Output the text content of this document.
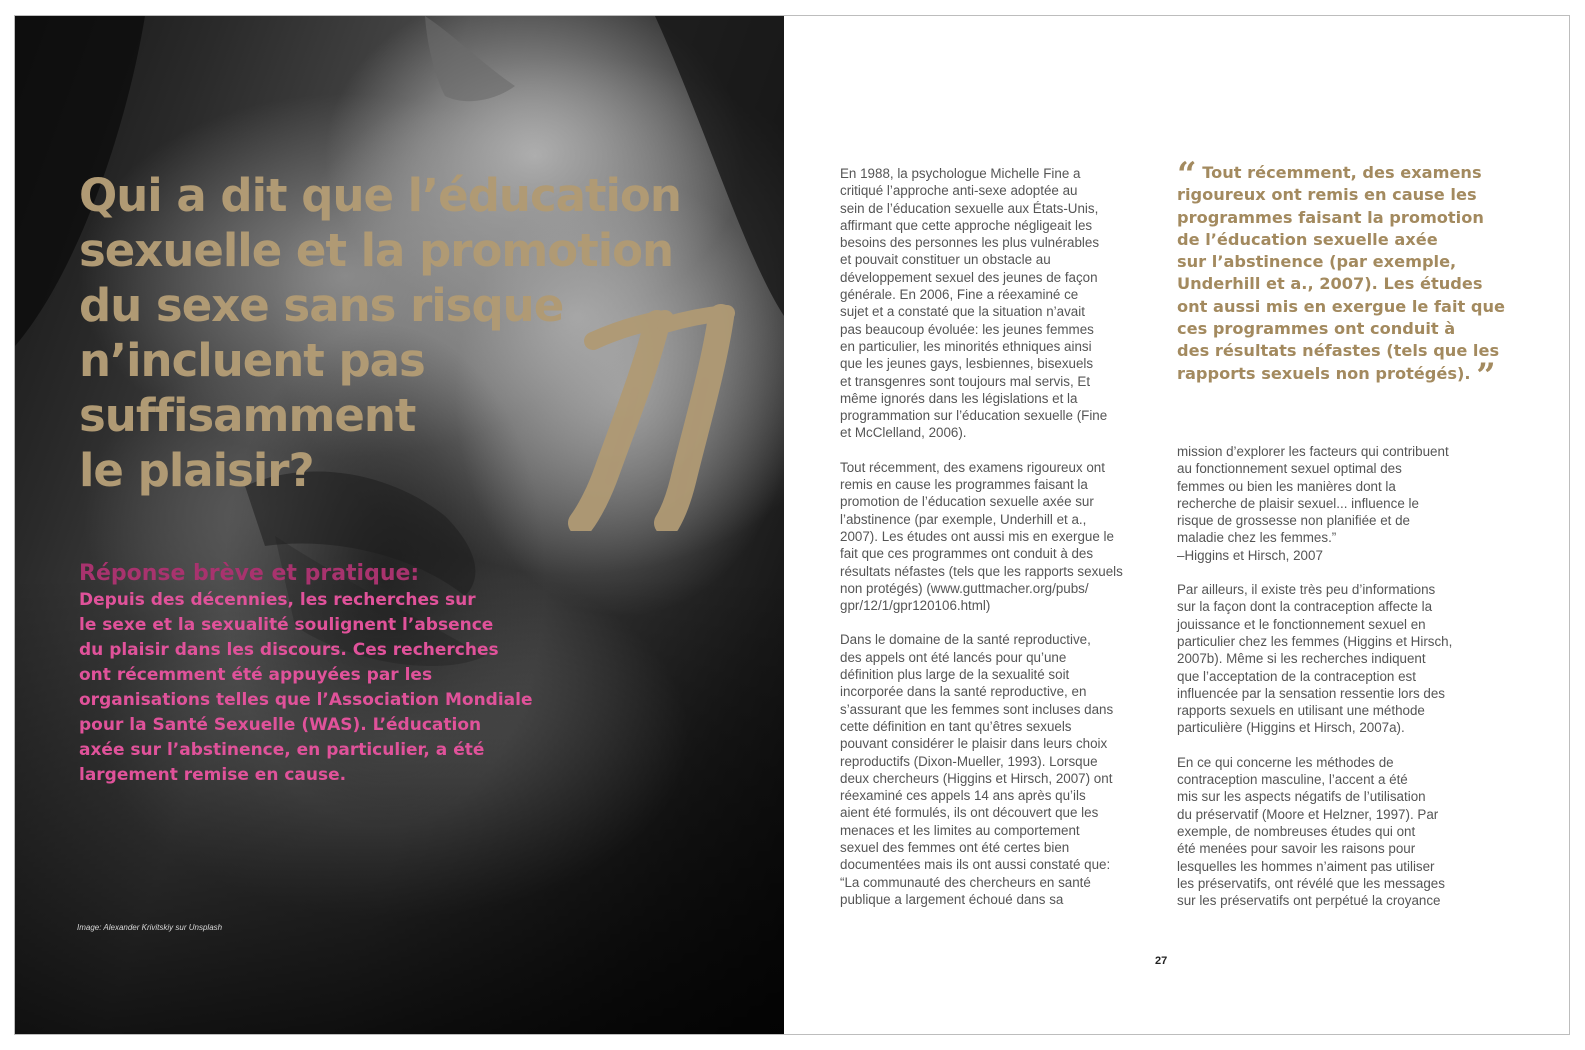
Qui a dit que l’éducation
sexuelle et la promotion
du sexe sans risque
n’incluent pas
suffisamment
le plaisir?
Réponse brève et pratique:

Depuis des décennies, les recherches sur
le sexe et la sexualité soulignent l’absence
du plaisir dans les discours. Ces recherches
ont récemment été appuyées par les
organisations telles que l’Association Mondiale
pour la Santé Sexuelle (WAS). L’éducation
axée sur l’abstinence, en particulier, a été
largement remise en cause.

Image: Alexander Krivitskiy sur Unsplash

En 1988, la psychologue Michelle Fine a
critiqué l’approche anti-sexe adoptée au
sein de l’éducation sexuelle aux États-Unis,
affirmant que cette approche négligeait les
besoins des personnes les plus vulnérables
et pouvait constituer un obstacle au
développement sexuel des jeunes de façon
générale. En 2006, Fine a réexaminé ce
sujet et a constaté que la situation n’avait
pas beaucoup évoluée: les jeunes femmes
en particulier, les minorités ethniques ainsi
que les jeunes gays, lesbiennes, bisexuels
et transgenres sont toujours mal servis, Et
même ignorés dans les législations et la
programmation sur l’éducation sexuelle (Fine
et McClelland, 2006).

Tout récemment, des examens rigoureux ont
remis en cause les programmes faisant la
promotion de l’éducation sexuelle axée sur
l’abstinence (par exemple, Underhill et a.,
2007). Les études ont aussi mis en exergue le
fait que ces programmes ont conduit à des
résultats néfastes (tels que les rapports sexuels
non protégés) (www.guttmacher.org/pubs/
gpr/12/1/gpr120106.html)

Dans le domaine de la santé reproductive,
des appels ont été lancés pour qu’une
définition plus large de la sexualité soit
incorporée dans la santé reproductive, en
s’assurant que les femmes sont incluses dans
cette définition en tant qu’êtres sexuels
pouvant considérer le plaisir dans leurs choix
reproductifs (Dixon-Mueller, 1993). Lorsque
deux chercheurs (Higgins et Hirsch, 2007) ont
réexaminé ces appels 14 ans après qu’ils
aient été formulés, ils ont découvert que les
menaces et les limites au comportement
sexuel des femmes ont été certes bien
documentées mais ils ont aussi constaté que:
“La communauté des chercheurs en santé
publique a largement échoué dans sa

“ Tout récemment, des examens
rigoureux ont remis en cause les
programmes faisant la promotion
de l’éducation sexuelle axée
sur l’abstinence (par exemple,
Underhill et a., 2007). Les études
ont aussi mis en exergue le fait que
ces programmes ont conduit à
des résultats néfastes (tels que les
rapports sexuels non protégés). ”

mission d’explorer les facteurs qui contribuent
au fonctionnement sexuel optimal des
femmes ou bien les manières dont la
recherche de plaisir sexuel... influence le
risque de grossesse non planifiée et de
maladie chez les femmes.”
–Higgins et Hirsch, 2007

Par ailleurs, il existe très peu d’informations
sur la façon dont la contraception affecte la
jouissance et le fonctionnement sexuel en
particulier chez les femmes (Higgins et Hirsch,
2007b). Même si les recherches indiquent
que l’acceptation de la contraception est
influencée par la sensation ressentie lors des
rapports sexuels en utilisant une méthode
particulière (Higgins et Hirsch, 2007a).

En ce qui concerne les méthodes de
contraception masculine, l’accent a été
mis sur les aspects négatifs de l’utilisation
du préservatif (Moore et Helzner, 1997). Par
exemple, de nombreuses études qui ont
été menées pour savoir les raisons pour
lesquelles les hommes n’aiment pas utiliser
les préservatifs, ont révélé que les messages
sur les préservatifs ont perpétué la croyance

27
